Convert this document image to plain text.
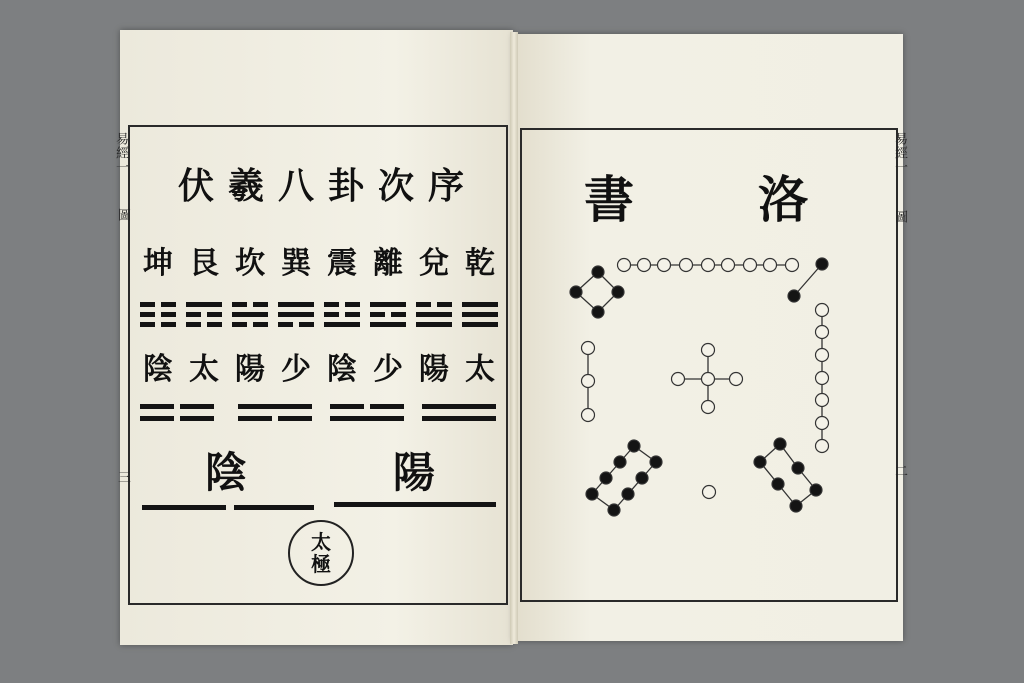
易經一
圖
三
易經一
圖
二
伏羲八卦次序
坤 艮 坎 巽 震 離 兌 乾
陰 太 陽 少 陰 少 陽 太
陰	陽
太
極
洛
書
